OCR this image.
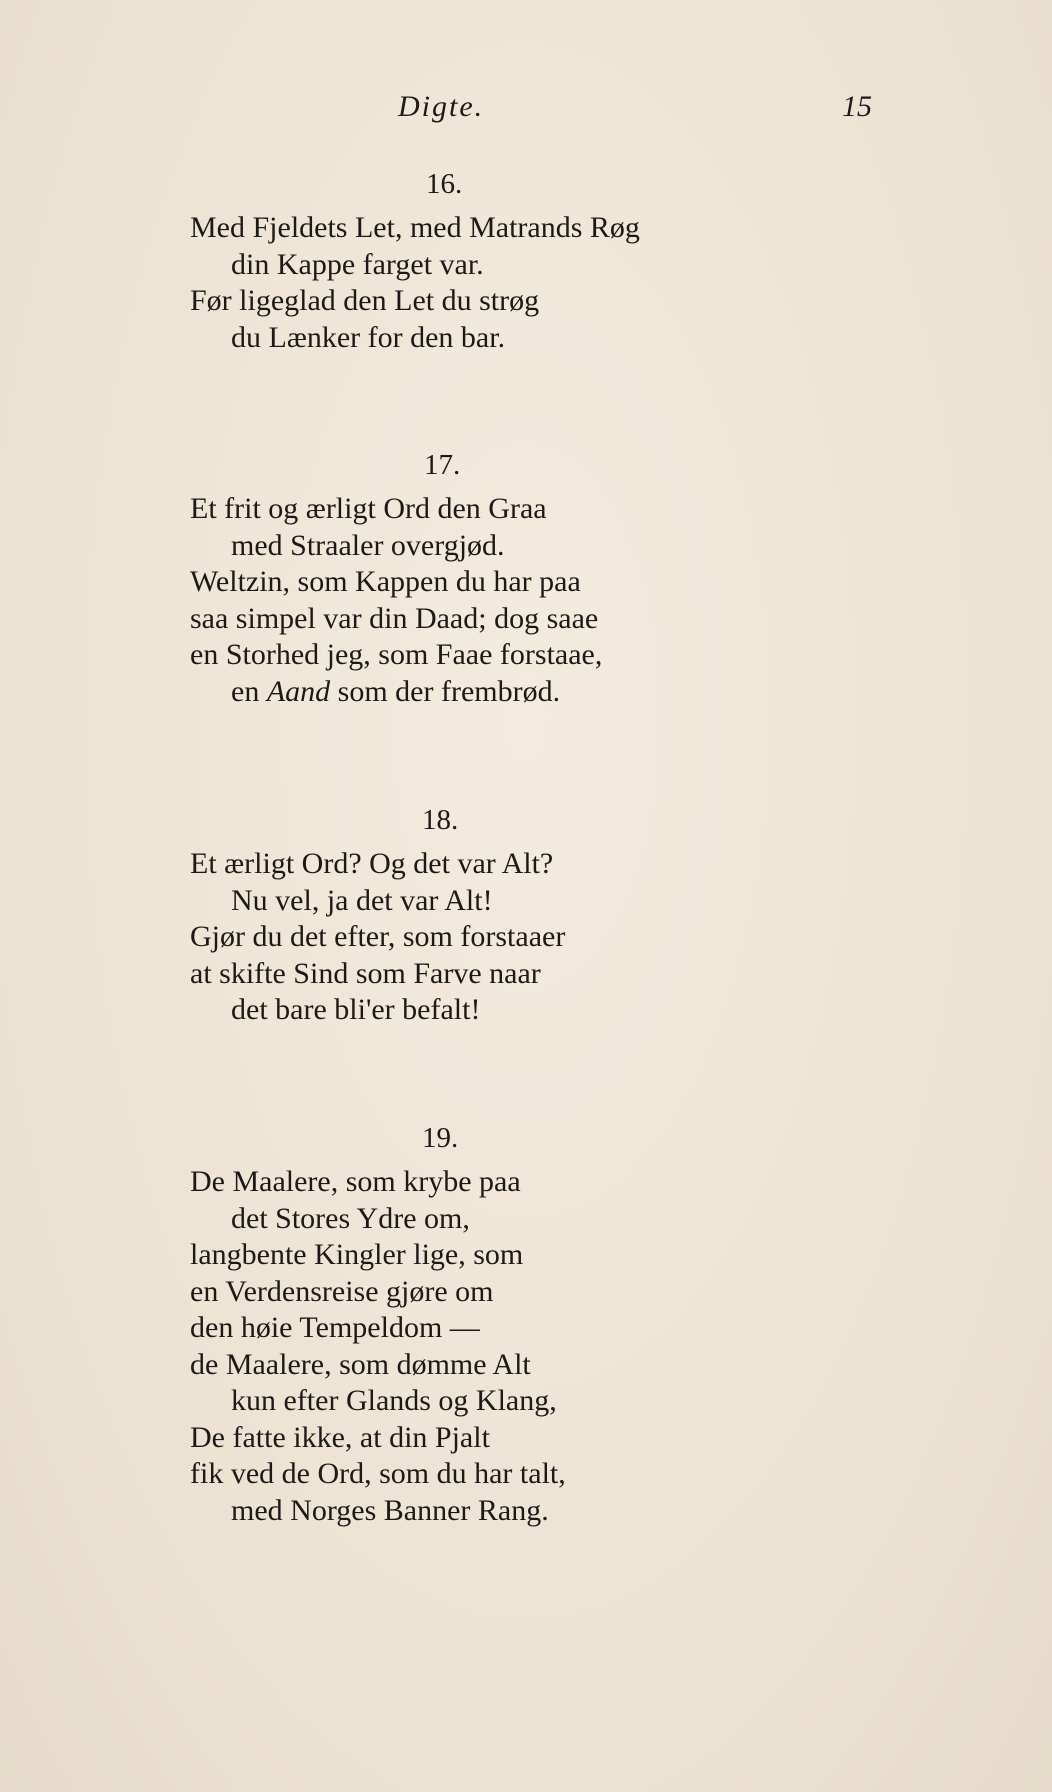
Digte.	15
16.
Med Fjeldets Let, med Matrands Røg
din Kappe farget var.
Før ligeglad den Let du strøg
du Lænker for den bar.
17.
Et frit og ærligt Ord den Graa
med Straaler overgjød.
Weltzin, som Kappen du har paa
saa simpel var din Daad; dog saae
en Storhed jeg, som Faae forstaae,
en Aand som der frembrød.
18.
Et ærligt Ord? Og det var Alt?
Nu vel, ja det var Alt!
Gjør du det efter, som forstaaer
at skifte Sind som Farve naar
det bare bli'er befalt!
19.
De Maalere, som krybe paa
det Stores Ydre om,
langbente Kingler lige, som
en Verdensreise gjøre om
den høie Tempeldom —
de Maalere, som dømme Alt
kun efter Glands og Klang,
De fatte ikke, at din Pjalt
fik ved de Ord, som du har talt,
med Norges Banner Rang.
